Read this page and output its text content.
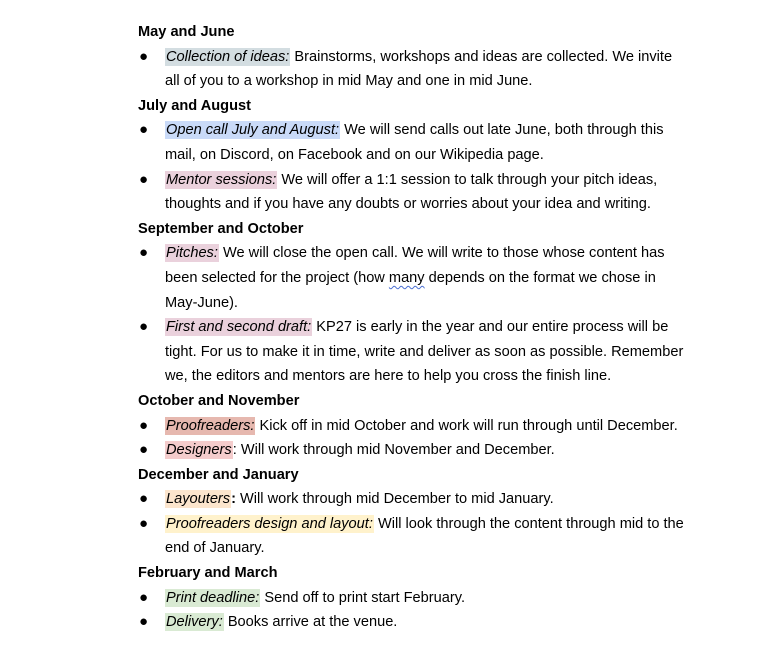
May and June
● Collection of ideas: Brainstorms, workshops and ideas are collected. We invite all of you to a workshop in mid May and one in mid June.
July and August
● Open call July and August: We will send calls out late June, both through this mail, on Discord, on Facebook and on our Wikipedia page.
● Mentor sessions: We will offer a 1:1 session to talk through your pitch ideas, thoughts and if you have any doubts or worries about your idea and writing.
September and October
● Pitches: We will close the open call. We will write to those whose content has been selected for the project (how many depends on the format we chose in May-June).
● First and second draft: KP27 is early in the year and our entire process will be tight. For us to make it in time, write and deliver as soon as possible. Remember we, the editors and mentors are here to help you cross the finish line.
October and November
● Proofreaders: Kick off in mid October and work will run through until December.
● Designers: Will work through mid November and December.
December and January
● Layouters: Will work through mid December to mid January.
● Proofreaders design and layout: Will look through the content through mid to the end of January.
February and March
● Print deadline: Send off to print start February.
● Delivery: Books arrive at the venue.
